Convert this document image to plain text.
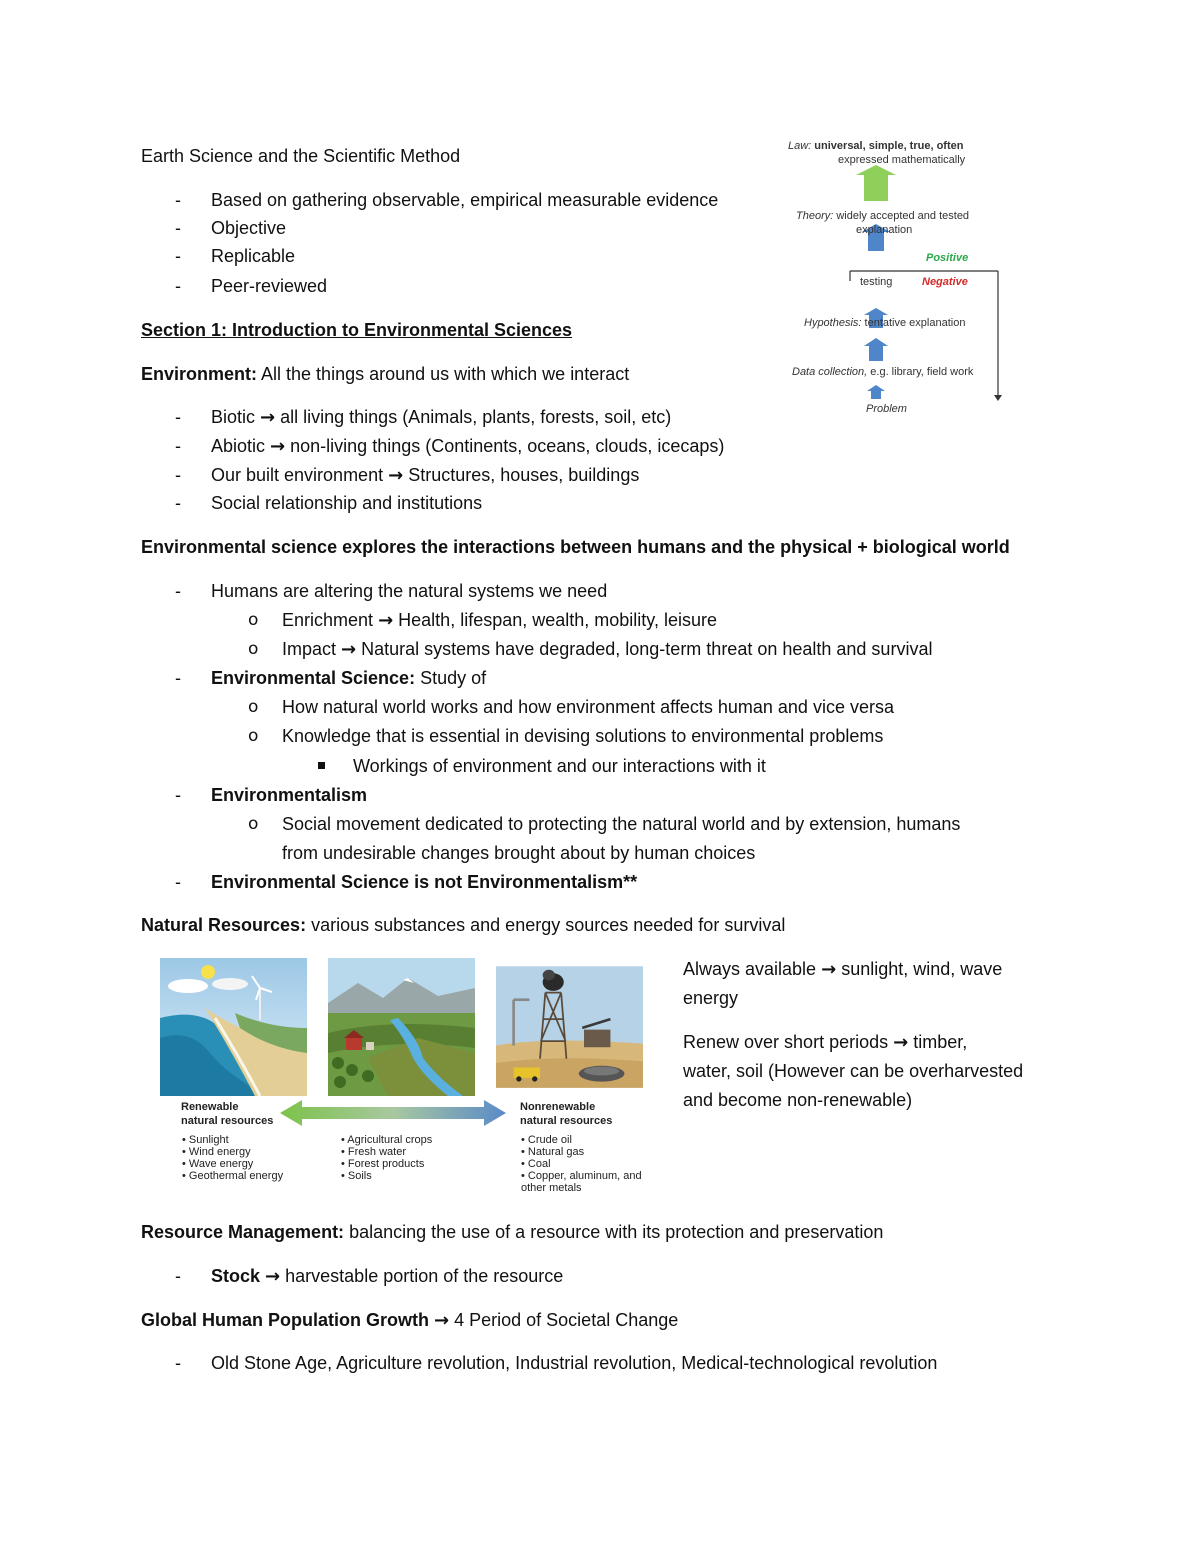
Earth Science and the Scientific Method
- Based on gathering observable, empirical measurable evidence
- Objective
- Replicable
- Peer-reviewed
Section 1: Introduction to Environmental Sciences
Environment: All the things around us with which we interact
- Biotic → all living things (Animals, plants, forests, soil, etc)
- Abiotic → non-living things (Continents, oceans, clouds, icecaps)
- Our built environment → Structures, houses, buildings
- Social relationship and institutions
Environmental science explores the interactions between humans and the physical + biological world
- Humans are altering the natural systems we need
o Enrichment → Health, lifespan, wealth, mobility, leisure
o Impact → Natural systems have degraded, long-term threat on health and survival
- Environmental Science: Study of
o How natural world works and how environment affects human and vice versa
o Knowledge that is essential in devising solutions to environmental problems
Workings of environment and our interactions with it
- Environmentalism
o Social movement dedicated to protecting the natural world and by extension, humans
from undesirable changes brought about by human choices
- Environmental Science is not Environmentalism**
Natural Resources: various substances and energy sources needed for survival
Always available → sunlight, wind, wave
energy
Renew over short periods → timber,
water, soil (However can be overharvested
and become non-renewable)
Renewable
natural resources
• Sunlight
• Wind energy
• Wave energy
• Geothermal energy
• Agricultural crops
• Fresh water
• Forest products
• Soils
Nonrenewable
natural resources
• Crude oil
• Natural gas
• Coal
• Copper, aluminum, and
other metals
Resource Management: balancing the use of a resource with its protection and preservation
- Stock → harvestable portion of the resource
Global Human Population Growth → 4 Period of Societal Change
- Old Stone Age, Agriculture revolution, Industrial revolution, Medical-technological revolution
Law: universal, simple, true, often
expressed mathematically
Theory: widely accepted and tested
explanation
Positive
testing	Negative
Hypothesis: tentative explanation
Data collection, e.g. library, field work
Problem
